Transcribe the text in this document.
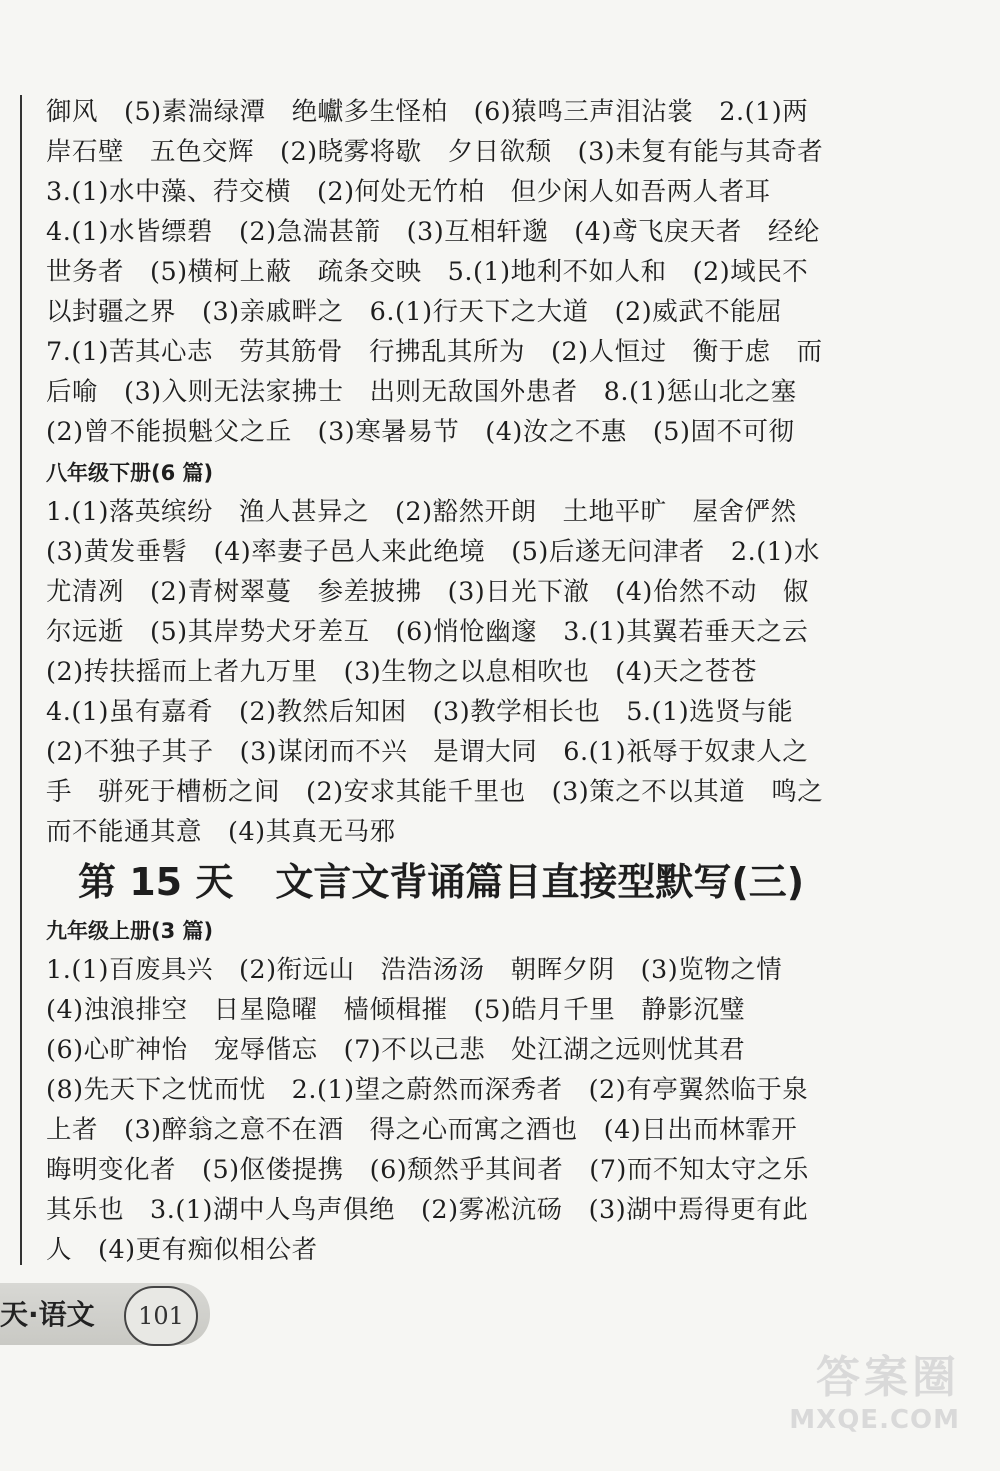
御风　(5)素湍绿潭　绝巘多生怪柏　(6)猿鸣三声泪沾裳　2.(1)两
岸石壁　五色交辉　(2)晓雾将歇　夕日欲颓　(3)未复有能与其奇者
3.(1)水中藻、荇交横　(2)何处无竹柏　但少闲人如吾两人者耳
4.(1)水皆缥碧　(2)急湍甚箭　(3)互相轩邈　(4)鸢飞戾天者　经纶
世务者　(5)横柯上蔽　疏条交映　5.(1)地利不如人和　(2)域民不
以封疆之界　(3)亲戚畔之　6.(1)行天下之大道　(2)威武不能屈
7.(1)苦其心志　劳其筋骨　行拂乱其所为　(2)人恒过　衡于虑　而
后喻　(3)入则无法家拂士　出则无敌国外患者　8.(1)惩山北之塞
(2)曾不能损魁父之丘　(3)寒暑易节　(4)汝之不惠　(5)固不可彻
八年级下册(6 篇)
1.(1)落英缤纷　渔人甚异之　(2)豁然开朗　土地平旷　屋舍俨然
(3)黄发垂髫　(4)率妻子邑人来此绝境　(5)后遂无问津者　2.(1)水
尤清冽　(2)青树翠蔓　参差披拂　(3)日光下澈　(4)佁然不动　俶
尔远逝　(5)其岸势犬牙差互　(6)悄怆幽邃　3.(1)其翼若垂天之云
(2)抟扶摇而上者九万里　(3)生物之以息相吹也　(4)天之苍苍
4.(1)虽有嘉肴　(2)教然后知困　(3)教学相长也　5.(1)选贤与能
(2)不独子其子　(3)谋闭而不兴　是谓大同　6.(1)祇辱于奴隶人之
手　骈死于槽枥之间　(2)安求其能千里也　(3)策之不以其道　鸣之
而不能通其意　(4)其真无马邪
第 15 天 文言文背诵篇目直接型默写(三)
九年级上册(3 篇)
1.(1)百废具兴　(2)衔远山　浩浩汤汤　朝晖夕阴　(3)览物之情
(4)浊浪排空　日星隐曜　樯倾楫摧　(5)皓月千里　静影沉璧
(6)心旷神怡　宠辱偕忘　(7)不以己悲　处江湖之远则忧其君
(8)先天下之忧而忧　2.(1)望之蔚然而深秀者　(2)有亭翼然临于泉
上者　(3)醉翁之意不在酒　得之心而寓之酒也　(4)日出而林霏开
晦明变化者　(5)伛偻提携　(6)颓然乎其间者　(7)而不知太守之乐
其乐也　3.(1)湖中人鸟声俱绝　(2)雾凇沆砀　(3)湖中焉得更有此
人　(4)更有痴似相公者
天·语文	101
答案圈
MXQE.COM
